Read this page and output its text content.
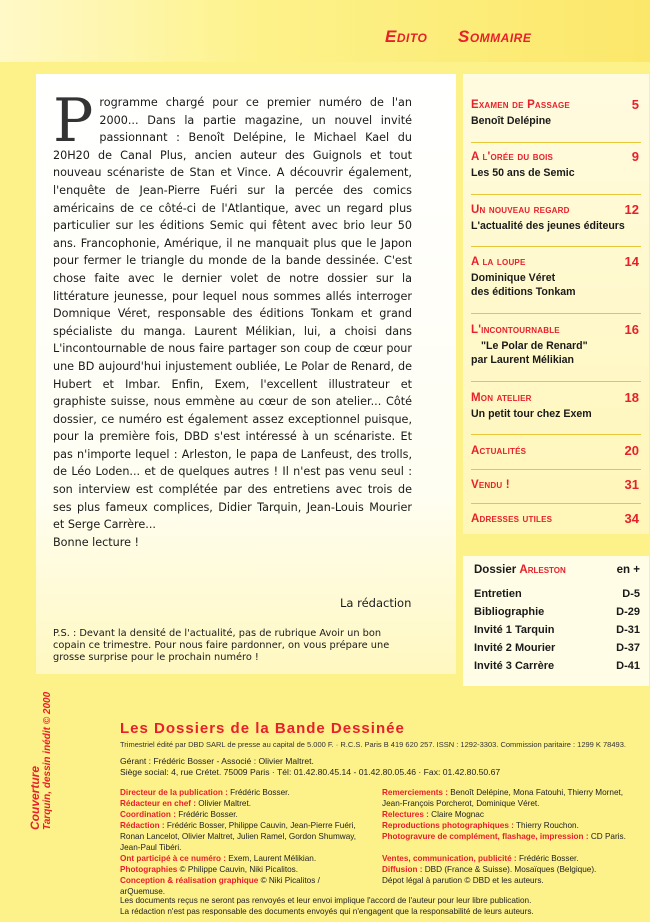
Edito Sommaire
Programme chargé pour ce premier numéro de l'an 2000... Dans la partie magazine, un nouvel invité passionnant : Benoît Delépine, le Michael Kael du 20H20 de Canal Plus, ancien auteur des Guignols et tout nouveau scénariste de Stan et Vince. A découvrir également, l'enquête de Jean-Pierre Fuéri sur la percée des comics américains de ce côté-ci de l'Atlantique, avec un regard plus particulier sur les éditions Semic qui fêtent avec brio leur 50 ans. Francophonie, Amérique, il ne manquait plus que le Japon pour fermer le triangle du monde de la bande dessinée. C'est chose faite avec le dernier volet de notre dossier sur la littérature jeunesse, pour lequel nous sommes allés interroger Domnique Véret, responsable des éditions Tonkam et grand spécialiste du manga. Laurent Mélikian, lui, a choisi dans L'incontournable de nous faire partager son coup de cœur pour une BD aujourd'hui injustement oubliée, Le Polar de Renard, de Hubert et Imbar. Enfin, Exem, l'excellent illustrateur et graphiste suisse, nous emmène au cœur de son atelier... Côté dossier, ce numéro est également assez exceptionnel puisque, pour la première fois, DBD s'est intéressé à un scénariste. Et pas n'importe lequel : Arleston, le papa de Lanfeust, des trolls, de Léo Loden... et de quelques autres ! Il n'est pas venu seul : son interview est complétée par des entretiens avec trois de ses plus fameux complices, Didier Tarquin, Jean-Louis Mourier et Serge Carrère...
Bonne lecture !
La rédaction
P.S. : Devant la densité de l'actualité, pas de rubrique Avoir un bon copain ce trimestre. Pour nous faire pardonner, on vous prépare une grosse surprise pour le prochain numéro !
Examen de Passage	5
Benoît Delépine
A l'orée du bois	9
Les 50 ans de Semic
Un nouveau regard	12
L'actualité des jeunes éditeurs
A la loupe	14
Dominique Véret
des éditions Tonkam
L'incontournable	16
"Le Polar de Renard"
par Laurent Mélikian
Mon atelier	18
Un petit tour chez Exem
Actualités	20
Vendu !	31
Adresses utiles	34
Dossier Arleston	en +
Entretien	D-5
Bibliographie	D-29
Invité 1 Tarquin	D-31
Invité 2 Mourier	D-37
Invité 3 Carrère	D-41
Couverture Tarquin, dessin inédit © 2000	Les Dossiers de la Bande Dessinée
Trimestriel édité par DBD SARL de presse au capital de 5.000 F. · R.C.S. Paris B 419 620 257. ISSN : 1292-3303. Commission paritaire : 1299 K 78493.
Gérant : Frédéric Bosser - Associé : Olivier Maltret.
Siège social: 4, rue Crétet. 75009 Paris · Tél: 01.42.80.45.14 - 01.42.80.05.46 · Fax: 01.42.80.50.67
Directeur de la publication : Frédéric Bosser.
Rédacteur en chef : Olivier Maltret.
Coordination : Frédéric Bosser.
Rédaction : Frédéric Bosser, Philippe Cauvin, Jean-Pierre Fuéri, Ronan Lancelot, Olivier Maltret, Julien Ramel, Gordon Shumway, Jean-Paul Tibéri.
Ont participé à ce numéro : Exem, Laurent Mélikian.
Photographies © Philippe Cauvin, Niki Picalitos.
Conception & réalisation graphique © Niki Picalitos / arQuemuse.
Remerciements : Benoît Delépine, Mona Fatouhi, Thierry Mornet, Jean-François Porcherot, Dominique Véret.
Relectures : Claire Mognac
Reproductions photographiques : Thierry Rouchon.
Photogravure de complément, flashage, impression : CD Paris.
Ventes, communication, publicité : Frédéric Bosser.
Diffusion : DBD (France & Suisse). Mosaïques (Belgique).
Dépot légal à parution © DBD et les auteurs.
Les documents reçus ne seront pas renvoyés et leur envoi implique l'accord de l'auteur pour leur libre publication.
La rédaction n'est pas responsable des documents envoyés qui n'engagent que la responsabilité de leurs auteurs.
